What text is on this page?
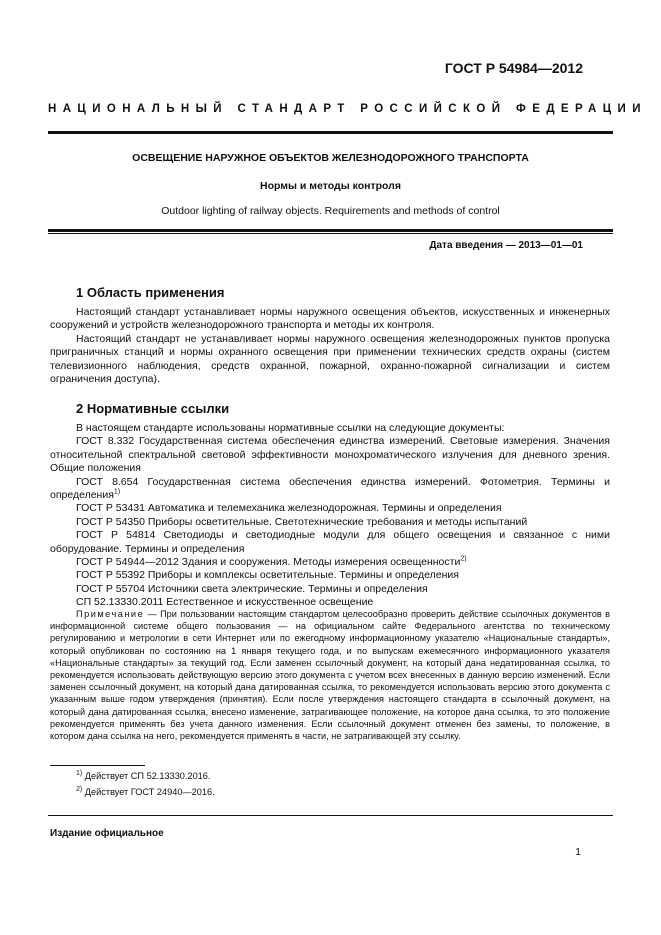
ГОСТ Р 54984—2012
НАЦИОНАЛЬНЫЙ СТАНДАРТ РОССИЙСКОЙ ФЕДЕРАЦИИ
ОСВЕЩЕНИЕ НАРУЖНОЕ ОБЪЕКТОВ ЖЕЛЕЗНОДОРОЖНОГО ТРАНСПОРТА
Нормы и методы контроля
Outdoor lighting of railway objects. Requirements and methods of control
Дата введения — 2013—01—01
1 Область применения

Настоящий стандарт устанавливает нормы наружного освещения объектов, искусственных и инженерных сооружений и устройств железнодорожного транспорта и методы их контроля.

Настоящий стандарт не устанавливает нормы наружного освещения железнодорожных пунктов пропуска приграничных станций и нормы охранного освещения при применении технических средств охраны (систем телевизионного наблюдения, средств охранной, пожарной, охранно-пожарной сигнализации и систем ограничения доступа).

2 Нормативные ссылки

В настоящем стандарте использованы нормативные ссылки на следующие документы:

ГОСТ 8.332 Государственная система обеспечения единства измерений. Световые измерения. Значения относительной спектральной световой эффективности монохроматического излучения для дневного зрения. Общие положения

ГОСТ 8.654 Государственная система обеспечения единства измерений. Фотометрия. Термины и определения$^{1)}$

ГОСТ Р 53431 Автоматика и телемеханика железнодорожная. Термины и определения

ГОСТ Р 54350 Приборы осветительные. Светотехнические требования и методы испытаний

ГОСТ Р 54814 Светодиоды и светодиодные модули для общего освещения и связанное с ними оборудование. Термины и определения

ГОСТ Р 54944—2012 Здания и сооружения. Методы измерения освещенности$^{2)}$

ГОСТ Р 55392 Приборы и комплексы осветительные. Термины и определения

ГОСТ Р 55704 Источники света электрические. Термины и определения

СП 52.13330.2011 Естественное и искусственное освещение

Примечание — При пользовании настоящим стандартом целесообразно проверить действие ссылочных документов в информационной системе общего пользования — на официальном сайте Федерального агентства по техническому регулированию и метрологии в сети Интернет или по ежегодному информационному указателю «Национальные стандарты», который опубликован по состоянию на 1 января текущего года, и по выпускам ежемесячного информационного указателя «Национальные стандарты» за текущий год. Если заменен ссылочный документ, на который дана недатированная ссылка, то рекомендуется использовать действующую версию этого документа с учетом всех внесенных в данную версию изменений. Если заменен ссылочный документ, на который дана датированная ссылка, то рекомендуется использовать версию этого документа с указанным выше годом утверждения (принятия). Если после утверждения настоящего стандарта в ссылочный документ, на который дана датированная ссылка, внесено изменение, затрагивающее положение, на которое дана ссылка, то это положение рекомендуется применять без учета данного изменения. Если ссылочный документ отменен без замены, то положение, в котором дана ссылка на него, рекомендуется применять в части, не затрагивающей эту ссылку.

$^{1)}$ Действует СП 52.13330.2016.
$^{2)}$ Действует ГОСТ 24940—2016.
Издание официальное
1
